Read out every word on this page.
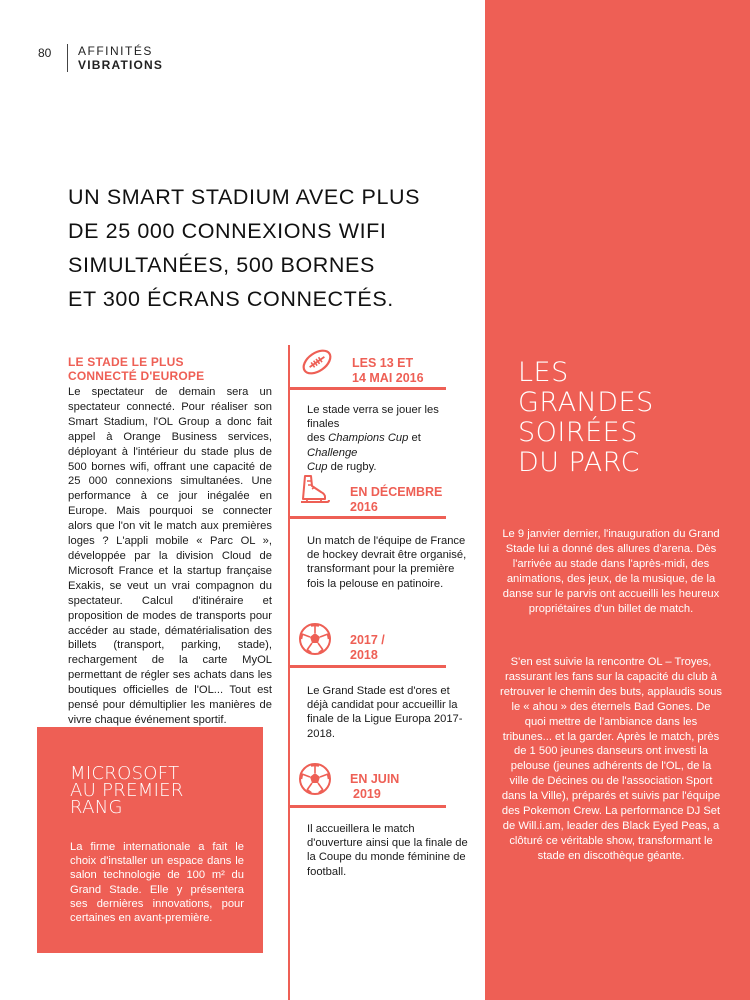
80 AFFINITÉS
VIBRATIONS
UN SMART STADIUM AVEC PLUS
DE 25 000 CONNEXIONS WIFI
SIMULTANÉES, 500 BORNES
ET 300 ÉCRANS CONNECTÉS.
LE STADE LE PLUS
CONNECTÉ D'EUROPE
Le spectateur de demain sera un spectateur connecté. Pour réaliser son Smart Stadium, l'OL Group a donc fait appel à Orange Business services, déployant à l'intérieur du stade plus de 500 bornes wifi, offrant une capacité de 25 000 connexions simultanées. Une performance à ce jour inégalée en Europe. Mais pourquoi se connecter alors que l'on vit le match aux premières loges ? L'appli mobile « Parc OL », développée par la division Cloud de Microsoft France et la startup française Exakis, se veut un vrai compagnon du spectateur. Calcul d'itinéraire et proposition de modes de transports pour accéder au stade, dématérialisation des billets (transport, parking, stade), rechargement de la carte MyOL permettant de régler ses achats dans les boutiques officielles de l'OL... Tout est pensé pour démultiplier les manières de vivre chaque événement sportif.
MICROSOFT
AU PREMIER
RANG
La firme internationale a fait le choix d'installer un espace dans le salon technologie de 100 m² du Grand Stade. Elle y présentera ses dernières innovations, pour certaines en avant-première.
LES 13 ET
14 MAI 2016
Le stade verra se jouer les finales
des Champions Cup et Challenge
Cup de rugby.
EN DÉCEMBRE
2016
Un match de l'équipe de France de hockey devrait être organisé, transformant pour la première fois la pelouse en patinoire.
2017 /
2018
Le Grand Stade est d'ores et déjà candidat pour accueillir la finale de la Ligue Europa 2017-2018.
EN JUIN
2019
Il accueillera le match d'ouverture ainsi que la finale de la Coupe du monde féminine de football.
LES
GRANDES
SOIRÉES
DU PARC
Le 9 janvier dernier, l'inauguration du Grand Stade lui a donné des allures d'arena. Dès l'arrivée au stade dans l'après-midi, des animations, des jeux, de la musique, de la danse sur le parvis ont accueilli les heureux propriétaires d'un billet de match.
S'en est suivie la rencontre OL – Troyes, rassurant les fans sur la capacité du club à retrouver le chemin des buts, applaudis sous le « ahou » des éternels Bad Gones. De quoi mettre de l'ambiance dans les tribunes... et la garder. Après le match, près de 1 500 jeunes danseurs ont investi la pelouse (jeunes adhérents de l'OL, de la ville de Décines ou de l'association Sport dans la Ville), préparés et suivis par l'équipe des Pokemon Crew. La performance DJ Set de Will.i.am, leader des Black Eyed Peas, a clôturé ce véritable show, transformant le stade en discothèque géante.
